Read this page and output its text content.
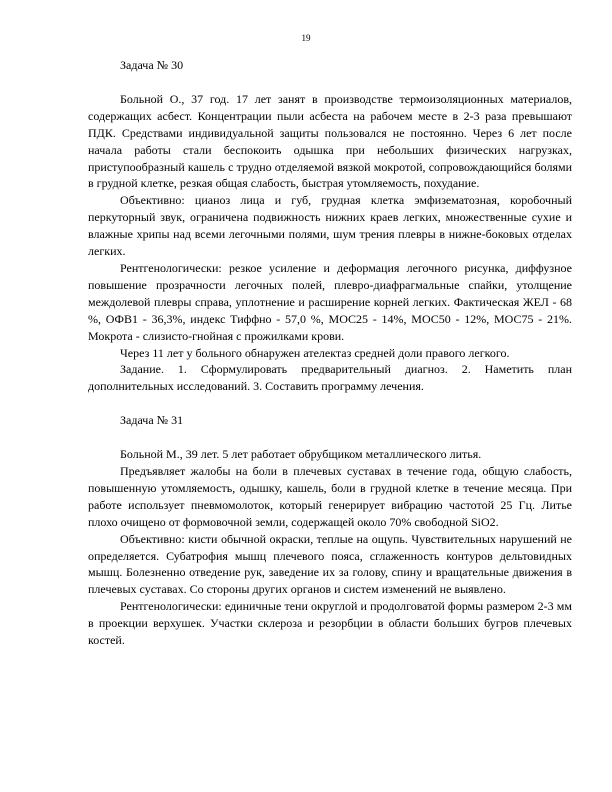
19

Задача № 30

Больной О., 37 год. 17 лет занят в производстве термоизоляционных материалов, содержащих асбест. Концентрации пыли асбеста на рабочем месте в 2-3 раза превышают ПДК. Средствами индивидуальной защиты пользовался не постоянно. Через 6 лет после начала работы стали беспокоить одышка при небольших физических нагрузках, приступообразный кашель с трудно отделяемой вязкой мокротой, сопровождающийся болями в грудной клетке, резкая общая слабость, быстрая утомляемость, похудание.

Объективно: цианоз лица и губ, грудная клетка эмфизематозная, коробочный перкуторный звук, ограничена подвижность нижних краев легких, множественные сухие и влажные хрипы над всеми легочными полями, шум трения плевры в нижне-боковых отделах легких.

Рентгенологически: резкое усиление и деформация легочного рисунка, диффузное повышение прозрачности легочных полей, плевро-диафрагмальные спайки, утолщение междолевой плевры справа, уплотнение и расширение корней легких. Фактическая ЖЕЛ - 68 %, ОФВ1 - 36,3%, индекс Тиффно - 57,0 %, МОС25 - 14%, МОС50 - 12%, МОС75 - 21%. Мокрота - слизисто-гнойная с прожилками крови.

Через 11 лет у больного обнаружен ателектаз средней доли правого легкого.

Задание. 1. Сформулировать предварительный диагноз. 2. Наметить план дополнительных исследований. 3. Составить программу лечения.

Задача № 31

Больной М., 39 лет. 5 лет работает обрубщиком металлического литья.

Предъявляет жалобы на боли в плечевых суставах в течение года, общую слабость, повышенную утомляемость, одышку, кашель, боли в грудной клетке в течение месяца. При работе использует пневмомолоток, который генерирует вибрацию частотой 25 Гц. Литье плохо очищено от формовочной земли, содержащей около 70% свободной SiO2.

Объективно: кисти обычной окраски, теплые на ощупь. Чувствительных нарушений не определяется. Субатрофия мышц плечевого пояса, сглаженность контуров дельтовидных мышц. Болезненно отведение рук, заведение их за голову, спину и вращательные движения в плечевых суставах. Со стороны других органов и систем изменений не выявлено.

Рентгенологически: единичные тени округлой и продолговатой формы размером 2-3 мм в проекции верхушек. Участки склероза и резорбции в области больших бугров плечевых костей.
